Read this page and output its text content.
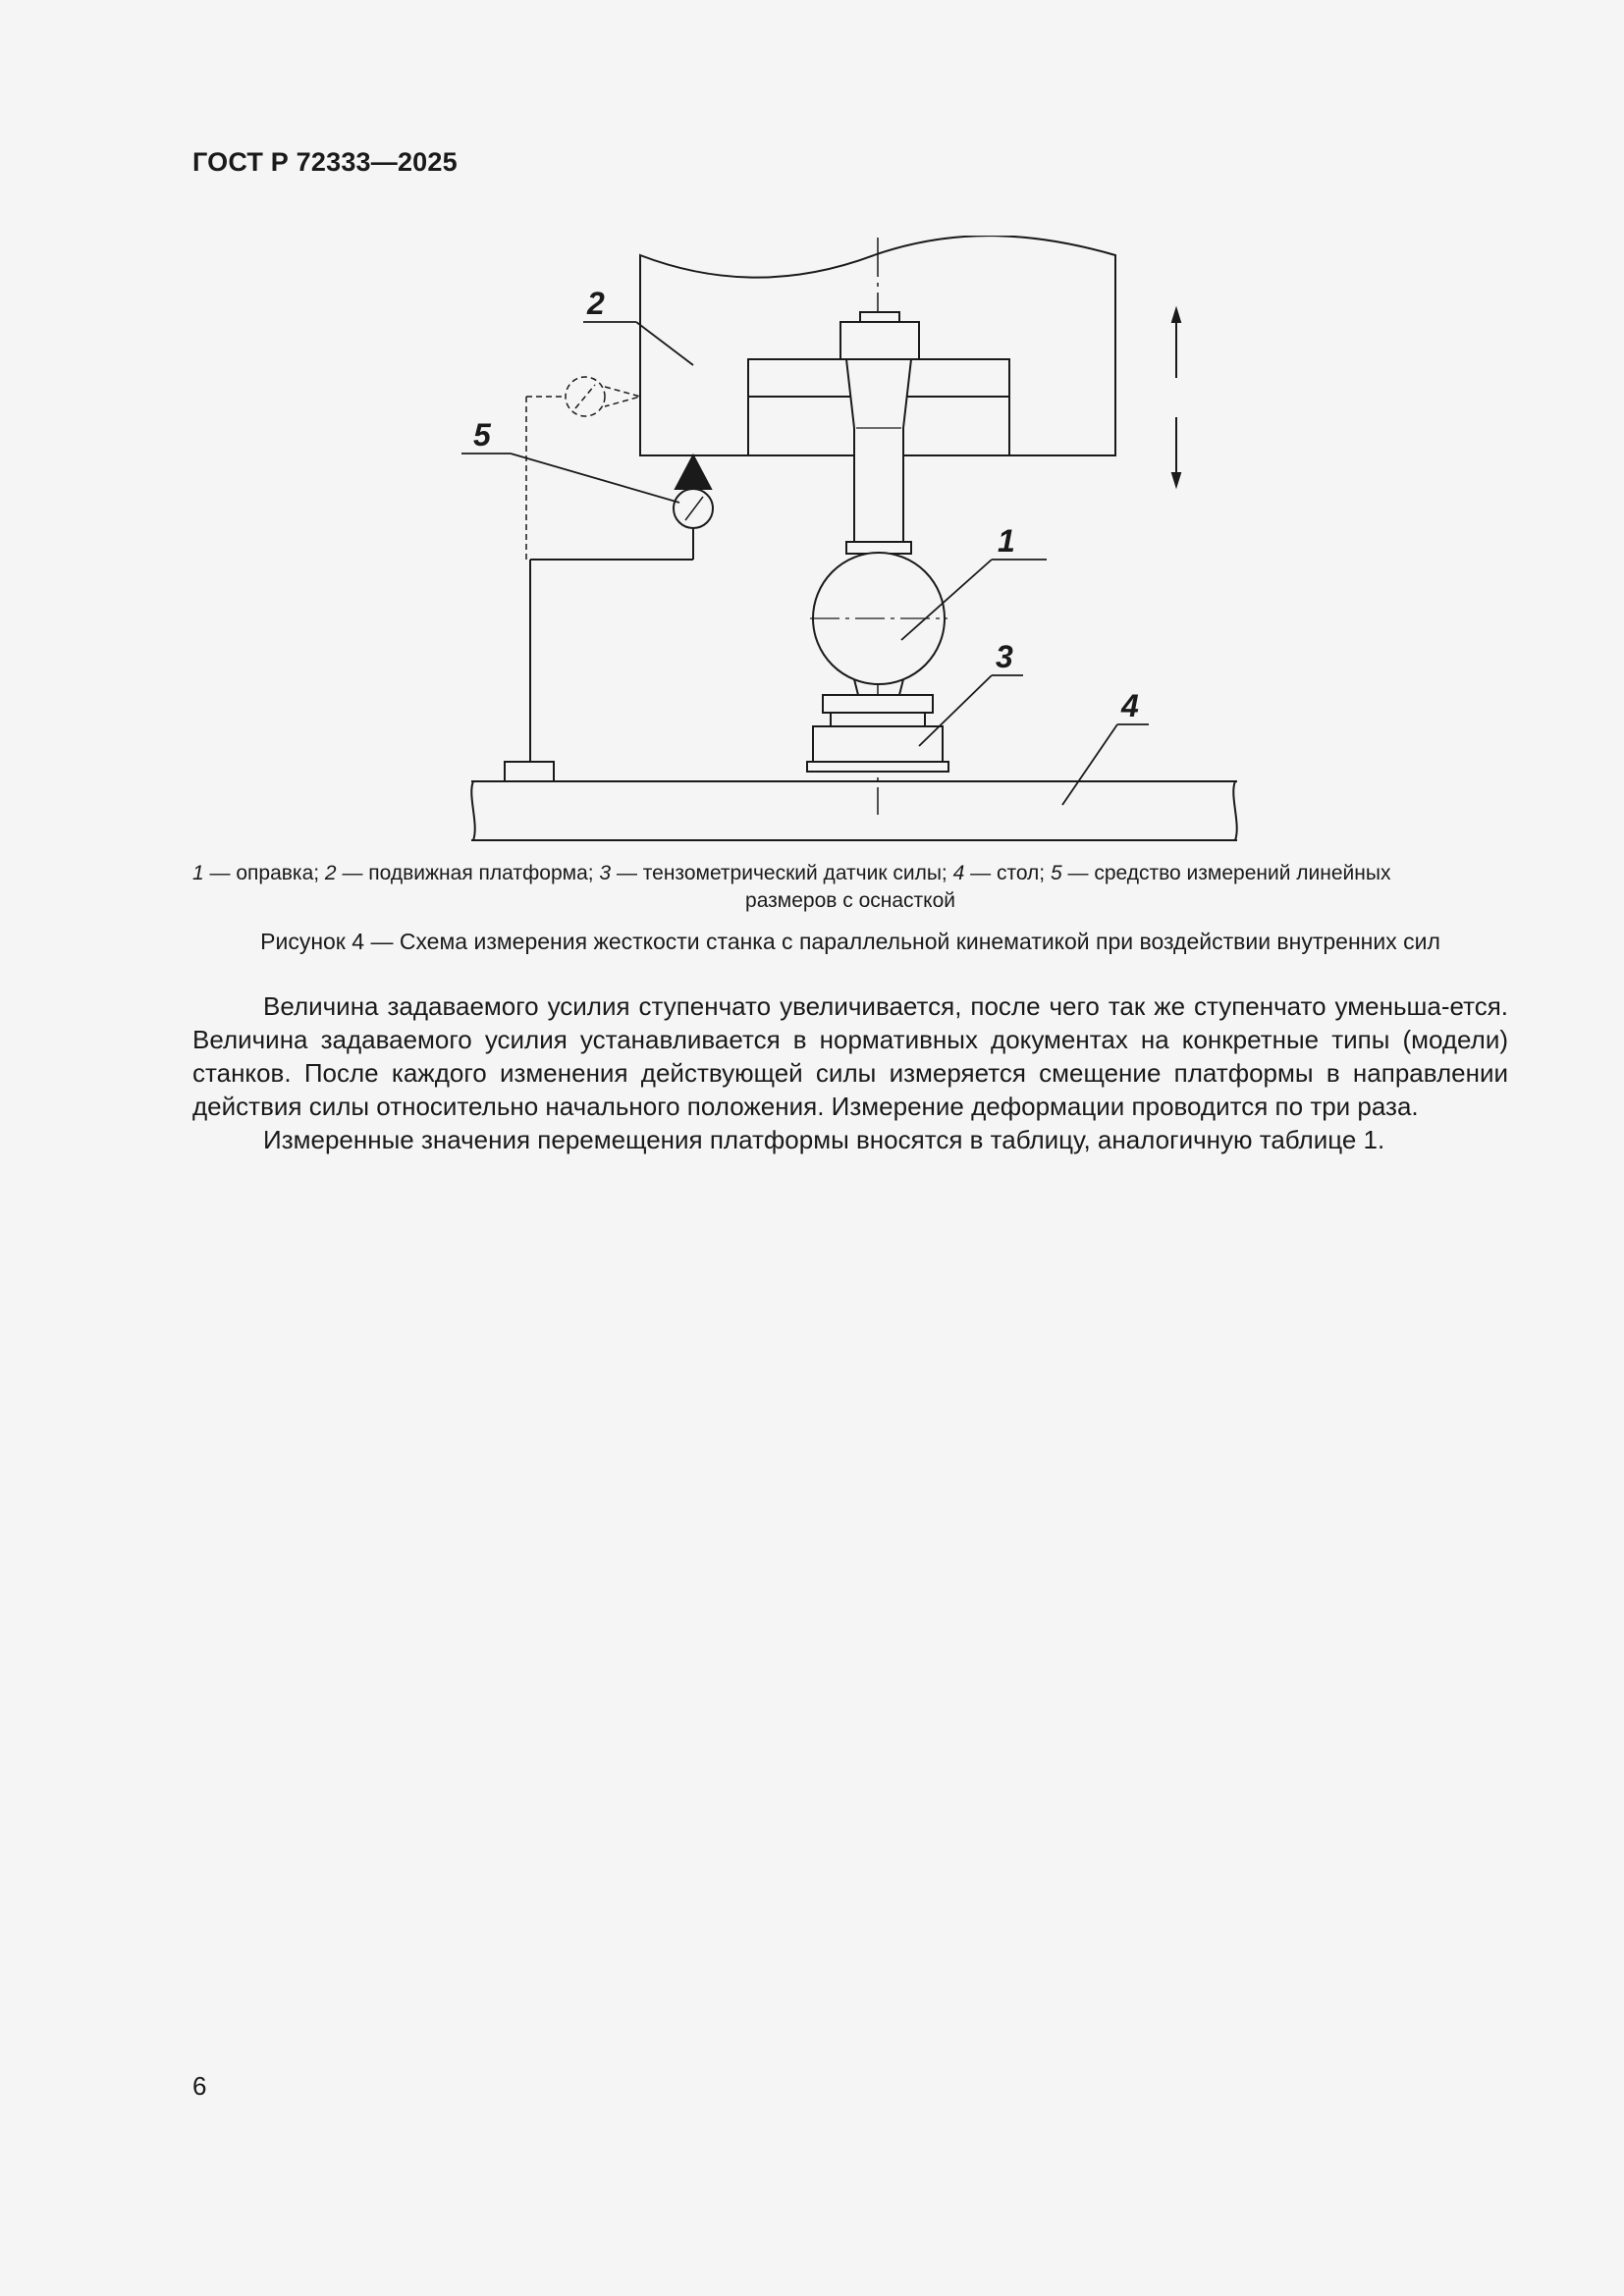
ГОСТ Р 72333—2025
2
5
1
3
4
1 — оправка; 2 — подвижная платформа; 3 — тензометрический датчик силы; 4 — стол; 5 — средство измерений линейных
размеров с оснасткой
Рисунок 4 — Схема измерения жесткости станка с параллельной кинематикой при воздействии внутренних сил

Величина задаваемого усилия ступенчато увеличивается, после чего так же ступенчато уменьша-ется. Величина задаваемого усилия устанавливается в нормативных документах на конкретные типы (модели) станков. После каждого изменения действующей силы измеряется смещение платформы в направлении действия силы относительно начального положения. Измерение деформации проводится по три раза.

Измеренные значения перемещения платформы вносятся в таблицу, аналогичную таблице 1.

6
